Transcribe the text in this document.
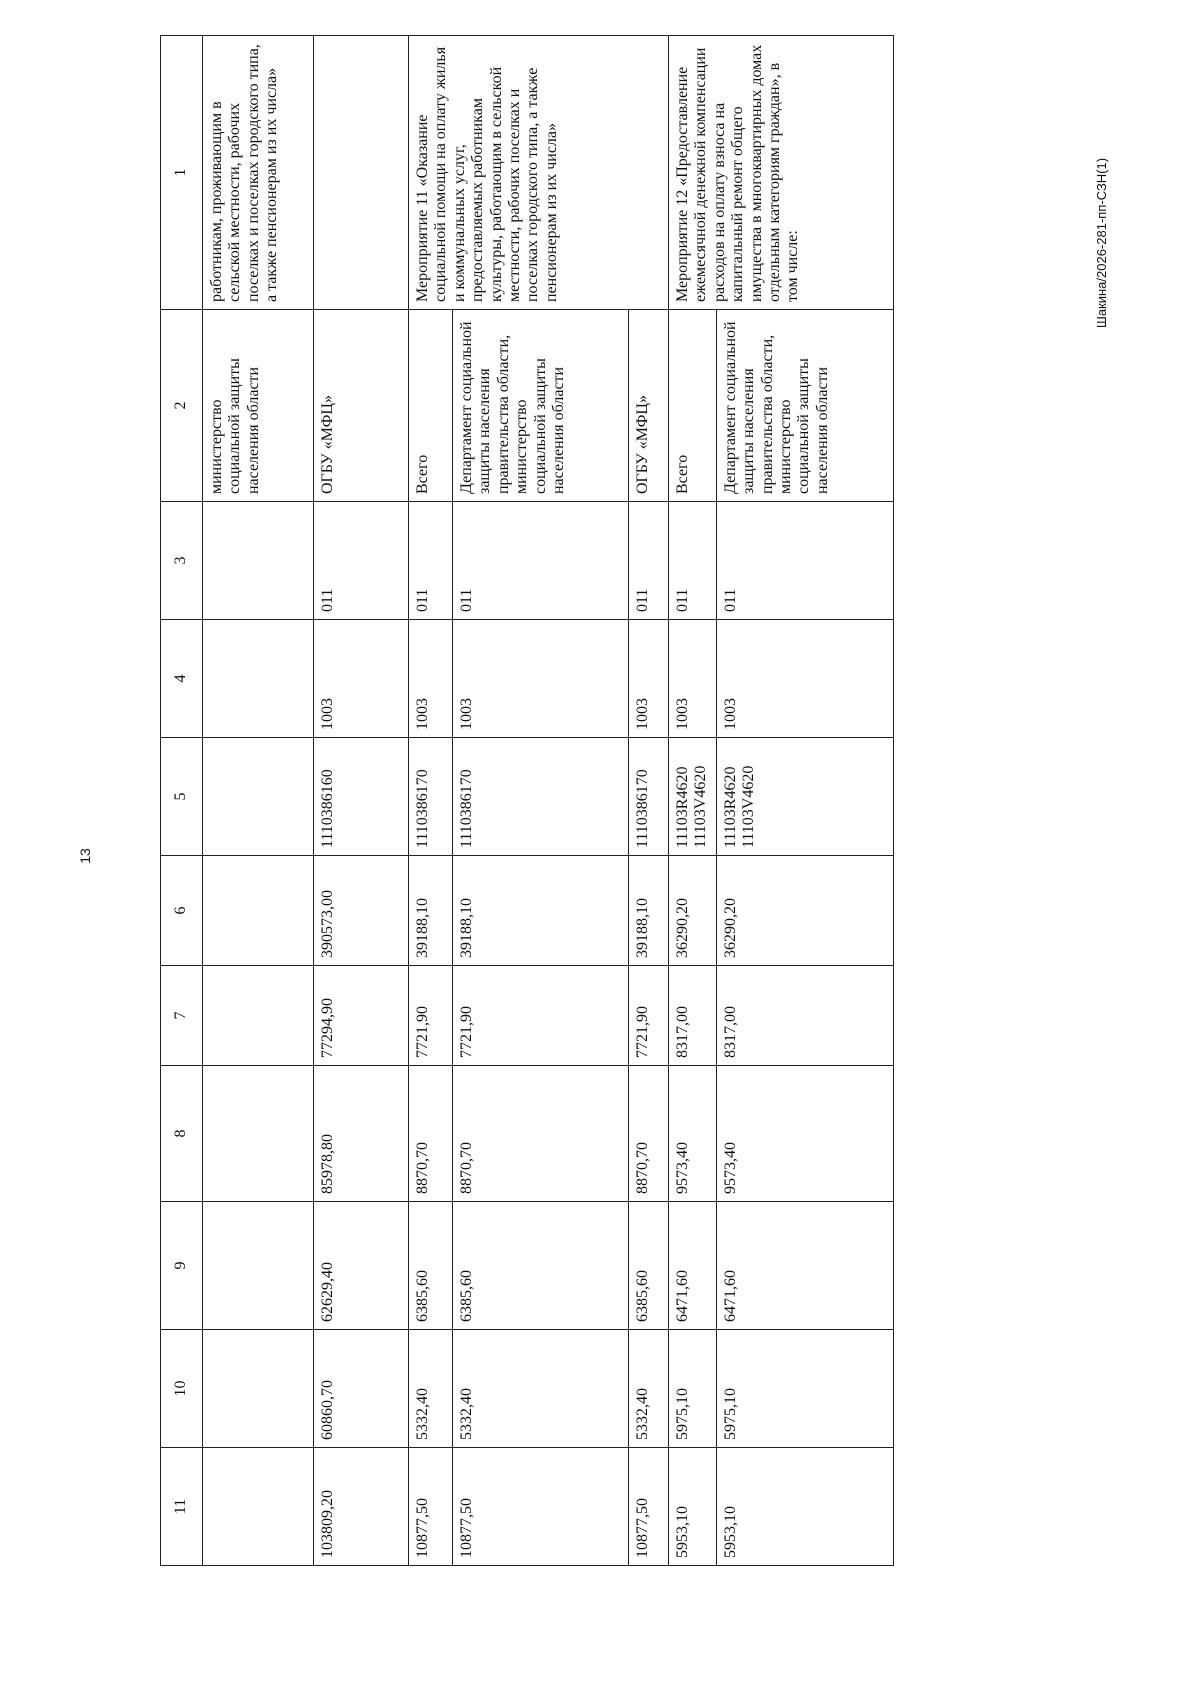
13
Шакина/2026-281-пп-СЗН(1)
11	10	9	8	7	6	5	4	3	2	1
									министерство социальной защиты населения области	работникам, проживающим в сельской местности, рабочих поселках и поселках городского типа, а также пенсионерам из их числа»
103809,20	60860,70	62629,40	85978,80	77294,90	390573,00	1110386160	1003	011	ОГБУ «МФЦ»	
10877,50	5332,40	6385,60	8870,70	7721,90	39188,10	1110386170	1003	011	Всего	Мероприятие 11 «Оказание социальной помощи на оплату жилья и коммунальных услуг, предоставляемых работникам культуры, работающим в сельской местности, рабочих поселках и поселках городского типа, а также пенсионерам из их числа»
10877,50	5332,40	6385,60	8870,70	7721,90	39188,10	1110386170	1003	011	Департамент социальной защиты населения правительства области, министерство социальной защиты населения области	
10877,50	5332,40	6385,60	8870,70	7721,90	39188,10	1110386170	1003	011	ОГБУ «МФЦ»	
5953,10	5975,10	6471,60	9573,40	8317,00	36290,20	11103R4620 11103V4620	1003	011	Всего	Мероприятие 12 «Предоставление ежемесячной денежной компенсации расходов на оплату взноса на капитальный ремонт общего имущества в многоквартирных домах отдельным категориям граждан», в том числе:
5953,10	5975,10	6471,60	9573,40	8317,00	36290,20	11103R4620 11103V4620	1003	011	Департамент социальной защиты населения правительства области, министерство социальной защиты населения области	
